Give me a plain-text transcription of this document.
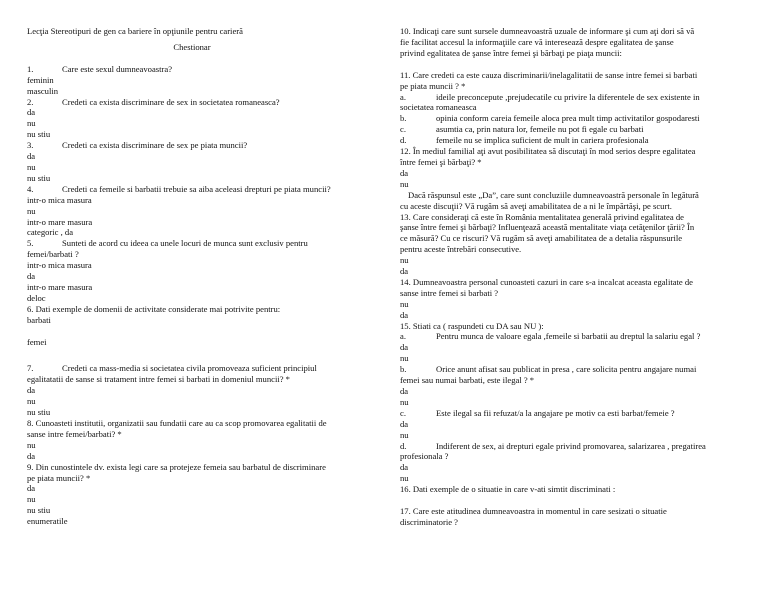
Lecţia Stereotipuri de gen ca bariere în opţiunile pentru carieră
Chestionar
1.	Care este sexul dumneavoastra?
feminin
masculin
2.	Credeti ca exista discriminare de sex in societatea romaneasca?
da
nu
nu stiu
3.	Credeti ca exista discriminare de sex pe piata muncii?
da
nu
nu stiu
4.	Credeti ca femeile si barbatii trebuie sa aiba aceleasi drepturi pe piata muncii?
intr-o mica masura
nu
intr-o mare masura
categoric , da
5.	Sunteti de acord cu ideea ca unele locuri de munca sunt exclusiv pentru
femei/barbati ?
intr-o mica masura
da
intr-o mare masura
deloc
6. Dati exemple de domenii de activitate considerate mai potrivite pentru:
barbati
femei
7.	Credeti ca mass-media si societatea civila promoveaza suficient principiul
egalitatatii de sanse si tratament intre femei si barbati in domeniul muncii? *
da
nu
nu stiu
8. Cunoasteti institutii, organizatii sau fundatii care au ca scop promovarea egalitatii de
sanse intre femei/barbati? *
nu
da
9. Din cunostintele dv. exista legi care sa protejeze femeia sau barbatul de discriminare
pe piata muncii? *
da
nu
nu stiu
enumeratile
10. Indicaţi care sunt sursele dumneavoastră uzuale de informare şi cum aţi dori să vă
fie facilitat accesul la informaţiile care vă interesează despre egalitatea de şanse
privind egalitatea de şanse între femei şi bărbaţi pe piaţa muncii:
11. Care credeti ca este cauza discriminarii/inelagalitatii de sanse intre femei si barbati
pe piata muncii ? *
a.	ideile preconcepute ,prejudecatile cu privire la diferentele de sex existente in
societatea romaneasca
b.	opinia conform careia femeile aloca prea mult timp activitatilor gospodaresti
c.	asumtia ca, prin natura lor, femeile nu pot fi egale cu barbati
d.	femeile nu se implica suficient de mult in cariera profesionala
12. În mediul familial aţi avut posibilitatea să discutaţi în mod serios despre egalitatea
între femei şi bărbaţi? *
da
nu
Dacă răspunsul este „Da”, care sunt concluziile dumneavoastră personale în legătură
cu aceste discuţii? Vă rugăm să aveţi amabilitatea de a ni le împărtăşi, pe scurt.
13. Care consideraţi că este în România mentalitatea generală privind egalitatea de
şanse între femei şi bărbaţi? Influenţează această mentalitate viaţa cetăţenilor ţării? În
ce măsură? Cu ce riscuri? Vă rugăm să aveţi amabilitatea de a detalia răspunsurile
pentru aceste întrebări consecutive.
nu
da
14. Dumneavoastra personal cunoasteti cazuri in care s-a incalcat aceasta egalitate de
sanse intre femei si barbati ?
nu
da
15. Stiati ca ( raspundeti cu DA sau NU ):
a.	Pentru munca de valoare egala ,femeile si barbatii au dreptul la salariu egal ?
da
nu
b.	Orice anunt afisat sau publicat in presa , care solicita pentru angajare numai
femei sau numai barbati, este ilegal ? *
da
nu
c.	Este ilegal sa fii refuzat/a la angajare pe motiv ca esti barbat/femeie ?
da
nu
d.	Indiferent de sex, ai drepturi egale privind promovarea, salarizarea , pregatirea
profesionala ?
da
nu
16. Dati exemple de o situatie in care v-ati simtit discriminati :
17. Care este atitudinea dumneavoastra in momentul in care sesizati o situatie
discriminatorie ?
